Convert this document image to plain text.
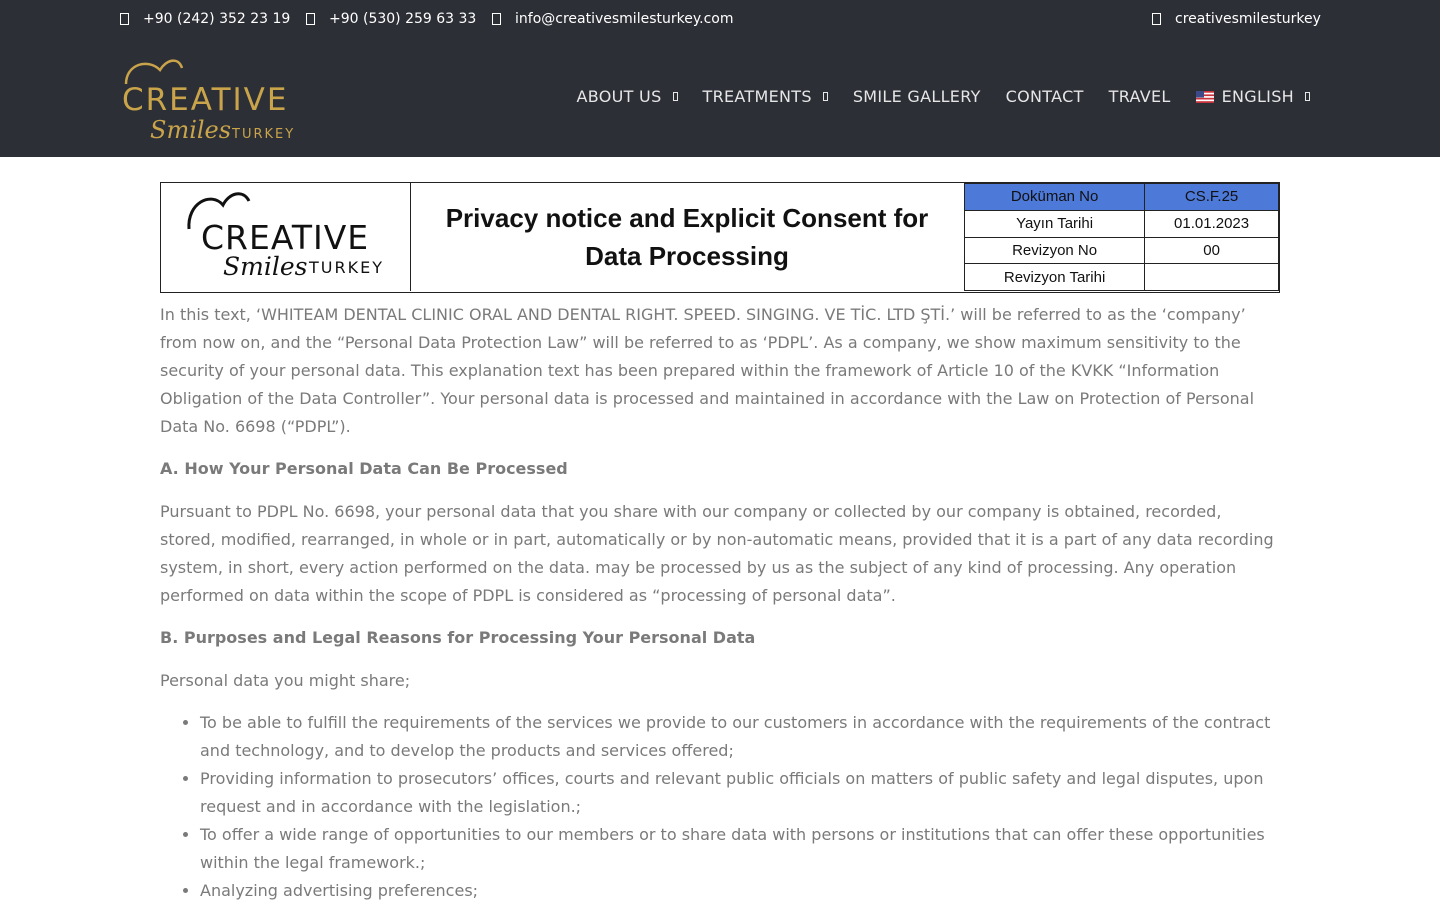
+90 (242) 352 23 19	+90 (530) 259 63 33	info@creativesmilesturkey.com	creativesmilesturkey
CREATIVE
Smiles TURKEY
ABOUT US	TREATMENTS	SMILE GALLERY CONTACT TRAVEL	ENGLISH
CREATIVE
Smiles TURKEY
Privacy notice and Explicit Consent for Data Processing
Doküman No	CS.F.25
Yayın Tarihi	01.01.2023
Revizyon No	00
Revizyon Tarihi	

In this text, ‘WHITEAM DENTAL CLINIC ORAL AND DENTAL RIGHT. SPEED. SINGING. VE TİC. LTD ŞTİ.’ will be referred to as the ‘company’ from now on, and the “Personal Data Protection Law” will be referred to as ‘PDPL’. As a company, we show maximum sensitivity to the security of your personal data. This explanation text has been prepared within the framework of Article 10 of the KVKK “Information Obligation of the Data Controller”. Your personal data is processed and maintained in accordance with the Law on Protection of Personal Data No. 6698 (“PDPL”).

A. How Your Personal Data Can Be Processed

Pursuant to PDPL No. 6698, your personal data that you share with our company or collected by our company is obtained, recorded, stored, modified, rearranged, in whole or in part, automatically or by non-automatic means, provided that it is a part of any data recording system, in short, every action performed on the data. may be processed by us as the subject of any kind of processing. Any operation performed on data within the scope of PDPL is considered as “processing of personal data”.

B. Purposes and Legal Reasons for Processing Your Personal Data

Personal data you might share;

• To be able to fulfill the requirements of the services we provide to our customers in accordance with the requirements of the contract and technology, and to develop the products and services offered;
• Providing information to prosecutors’ offices, courts and relevant public officials on matters of public safety and legal disputes, upon request and in accordance with the legislation.;
• To offer a wide range of opportunities to our members or to share data with persons or institutions that can offer these opportunities within the legal framework.;
• Analyzing advertising preferences;
